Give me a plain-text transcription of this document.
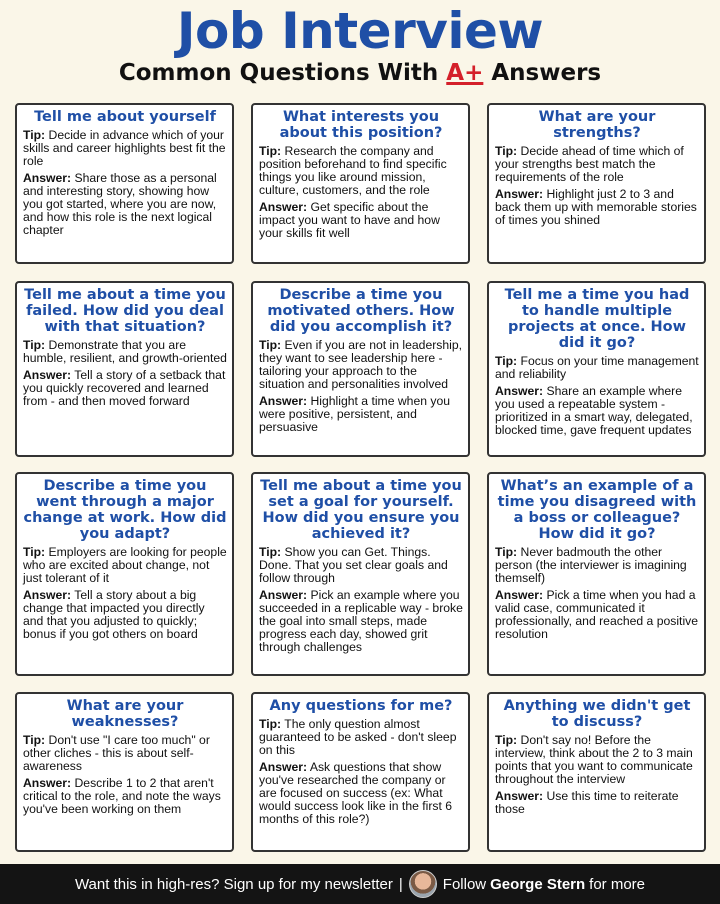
Job Interview
Common Questions With A+ Answers
Tell me about yourself

Tip: Decide in advance which of your skills and career highlights best fit the role

Answer: Share those as a personal and interesting story, showing how you got started, where you are now, and how this role is the next logical chapter

What interests you about this position?

Tip: Research the company and position beforehand to find specific things you like around mission, culture, customers, and the role

Answer: Get specific about the impact you want to have and how your skills fit well

What are your strengths?

Tip: Decide ahead of time which of your strengths best match the requirements of the role

Answer: Highlight just 2 to 3 and back them up with memorable stories of times you shined

Tell me about a time you failed. How did you deal with that situation?

Tip: Demonstrate that you are humble, resilient, and growth-oriented

Answer: Tell a story of a setback that you quickly recovered and learned from - and then moved forward

Describe a time you motivated others. How did you accomplish it?

Tip: Even if you are not in leadership, they want to see leadership here - tailoring your approach to the situation and personalities involved

Answer: Highlight a time when you were positive, persistent, and persuasive

Tell me a time you had to handle multiple projects at once. How did it go?

Tip: Focus on your time management and reliability

Answer: Share an example where you used a repeatable system - prioritized in a smart way, delegated, blocked time, gave frequent updates

Describe a time you went through a major change at work. How did you adapt?

Tip: Employers are looking for people who are excited about change, not just tolerant of it

Answer: Tell a story about a big change that impacted you directly and that you adjusted to quickly; bonus if you got others on board

Tell me about a time you set a goal for yourself. How did you ensure you achieved it?

Tip: Show you can Get. Things. Done. That you set clear goals and follow through

Answer: Pick an example where you succeeded in a replicable way - broke the goal into small steps, made progress each day, showed grit through challenges

What’s an example of a time you disagreed with a boss or colleague? How did it go?

Tip: Never badmouth the other person (the interviewer is imagining themself)

Answer: Pick a time when you had a valid case, communicated it professionally, and reached a positive resolution

What are your weaknesses?

Tip: Don't use "I care too much" or other cliches - this is about self-awareness

Answer: Describe 1 to 2 that aren't critical to the role, and note the ways you've been working on them

Any questions for me?

Tip: The only question almost guaranteed to be asked - don't sleep on this

Answer: Ask questions that show you've researched the company or are focused on success (ex: What would success look like in the first 6 months of this role?)

Anything we didn't get to discuss?

Tip: Don't say no! Before the interview, think about the 2 to 3 main points that you want to communicate throughout the interview

Answer: Use this time to reiterate those

Want this in high-res? Sign up for my newsletter |	Follow George Stern for more
